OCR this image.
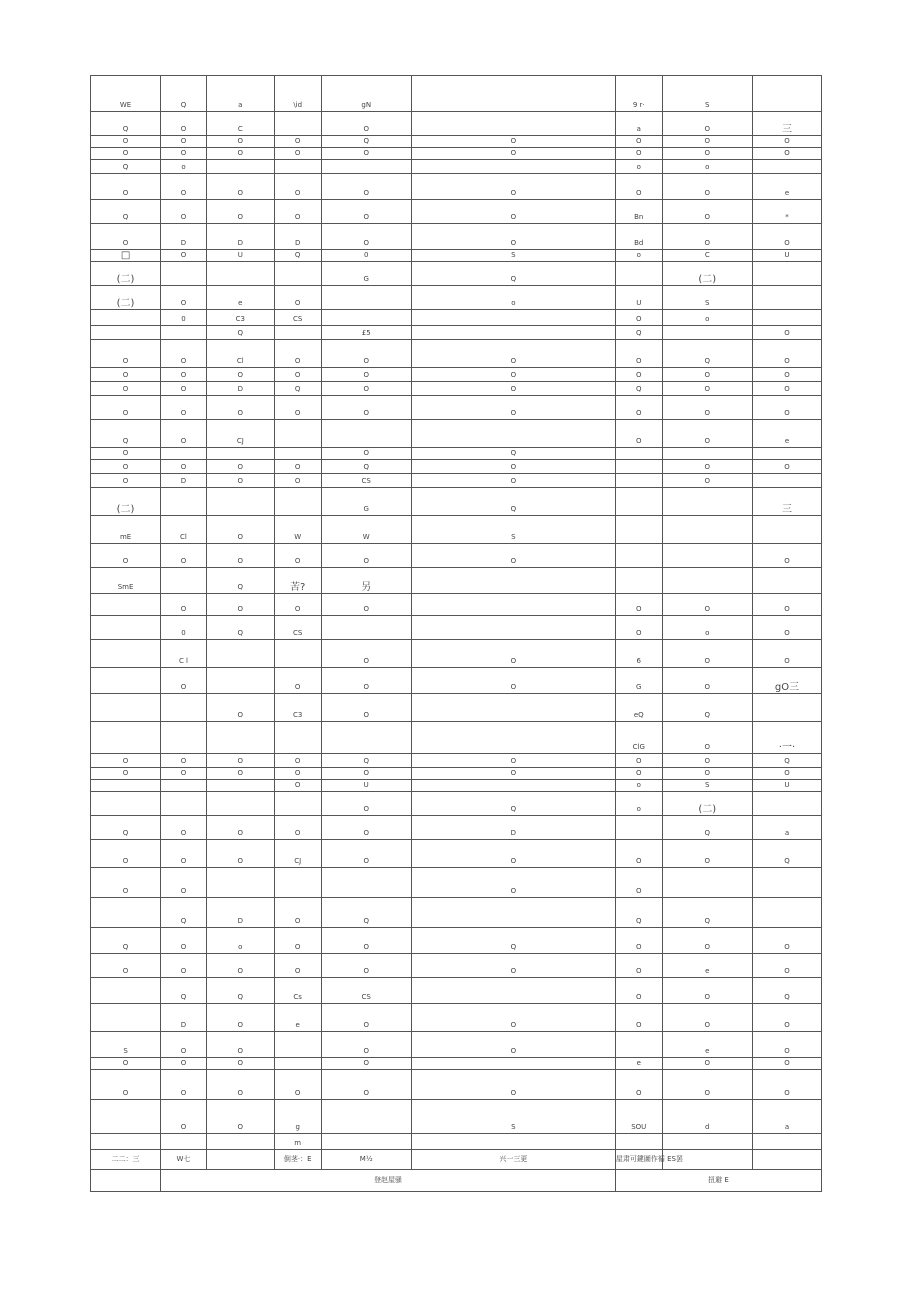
WE	Q	a	\id	gN		9 r·	S	
Q	O	C		O		a	O	三
O	O	O	O	Q	O	O	O	O
O	O	O	O	O	O	O	O	O
Q	o					o	o	
O	O	O	O	O	O	O	O	e
Q	O	O	O	O	O	Bn	O	*
O	D	D	D	O	O	Bd	O	O
□	O	U	Q	0	S	o	C	U
(二)				G	Q		(二)	
(二)	O	e	O		o	U	S	
	0	C3	CS			O	o	
		Q		£5		Q		O
O	O	Cl	O	O	O	O	Q	O
O	O	O	O	O	O	O	O	O
O	O	D	Q	O	O	Q	O	O
O	O	O	O	O	O	O	O	O
Q	O	CJ				O	O	e
O				O	Q			
O	O	O	O	Q	O		O	O
O	D	O	O	CS	O		O	
(二)				G	Q			三
mE	Cl	O	W	W	S			
O	O	O	O	O	O			O
SmE		Q	苦?	另				
	O	O	O	O		O	O	O
	0	Q	CS			O	o	O
	C l			O	O	6	O	O
	O		O	O	O	G	O	gO三
		O	C3	O		eQ	Q	
						ClG	O	·一·
O	O	O	O	Q	O	O	O	Q
O	O	O	O	O	O	O	O	O
			O	U		o	S	U
				O	Q	o	(二)	
Q	O	O	O	O	D		Q	a
O	O	O	CJ	O	O	O	O	Q
O	O				O	O		
	Q	D	O	Q		Q	Q	
Q	O	o	O	O	Q	O	O	O
O	O	O	O	O	O	O	e	O
	Q	Q	Cs	CS		O	O	Q
	D	O	e	O	O	O	O	O
S	O	O		O	O		e	O
O	O	O		O		e	O	O
O	O	O	O	O	O	O	O	O
	O	O	g		S	SOU	d	a
			m					
二二：三	W七		倒茎·：E	M½	兴一三更	屋肃可鍵圖作循 ES罢		
	登赵屋骚					扭避 E		
